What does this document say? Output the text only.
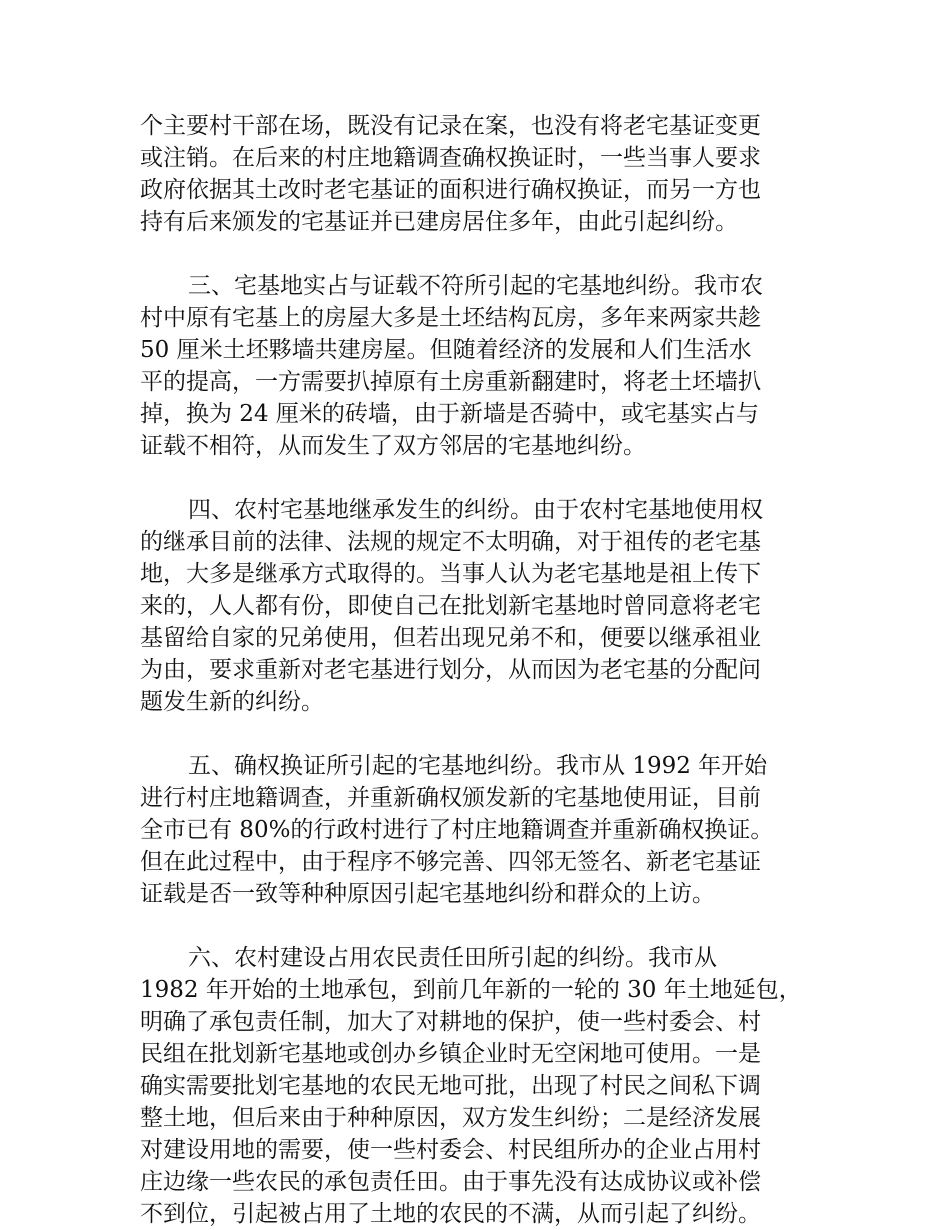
个主要村干部在场，既没有记录在案，也没有将老宅基证变更
或注销。在后来的村庄地籍调查确权换证时，一些当事人要求
政府依据其土改时老宅基证的面积进行确权换证，而另一方也
持有后来颁发的宅基证并已建房居住多年，由此引起纠纷。
三、宅基地实占与证载不符所引起的宅基地纠纷。我市农
村中原有宅基上的房屋大多是土坯结构瓦房，多年来两家共趁
50 厘米土坯夥墙共建房屋。但随着经济的发展和人们生活水
平的提高，一方需要扒掉原有土房重新翻建时，将老土坯墙扒
掉，换为 24 厘米的砖墙，由于新墙是否骑中，或宅基实占与
证载不相符，从而发生了双方邻居的宅基地纠纷。
四、农村宅基地继承发生的纠纷。由于农村宅基地使用权
的继承目前的法律、法规的规定不太明确，对于祖传的老宅基
地，大多是继承方式取得的。当事人认为老宅基地是祖上传下
来的，人人都有份，即使自己在批划新宅基地时曾同意将老宅
基留给自家的兄弟使用，但若出现兄弟不和，便要以继承祖业
为由，要求重新对老宅基进行划分，从而因为老宅基的分配问
题发生新的纠纷。
五、确权换证所引起的宅基地纠纷。我市从 1992 年开始
进行村庄地籍调查，并重新确权颁发新的宅基地使用证，目前
全市已有 80%的行政村进行了村庄地籍调查并重新确权换证。
但在此过程中，由于程序不够完善、四邻无签名、新老宅基证
证载是否一致等种种原因引起宅基地纠纷和群众的上访。
六、农村建设占用农民责任田所引起的纠纷。我市从
1982 年开始的土地承包，到前几年新的一轮的 30 年土地延包，
明确了承包责任制，加大了对耕地的保护，使一些村委会、村
民组在批划新宅基地或创办乡镇企业时无空闲地可使用。一是
确实需要批划宅基地的农民无地可批，出现了村民之间私下调
整土地，但后来由于种种原因，双方发生纠纷；二是经济发展
对建设用地的需要，使一些村委会、村民组所办的企业占用村
庄边缘一些农民的承包责任田。由于事先没有达成协议或补偿
不到位，引起被占用了土地的农民的不满，从而引起了纠纷。
